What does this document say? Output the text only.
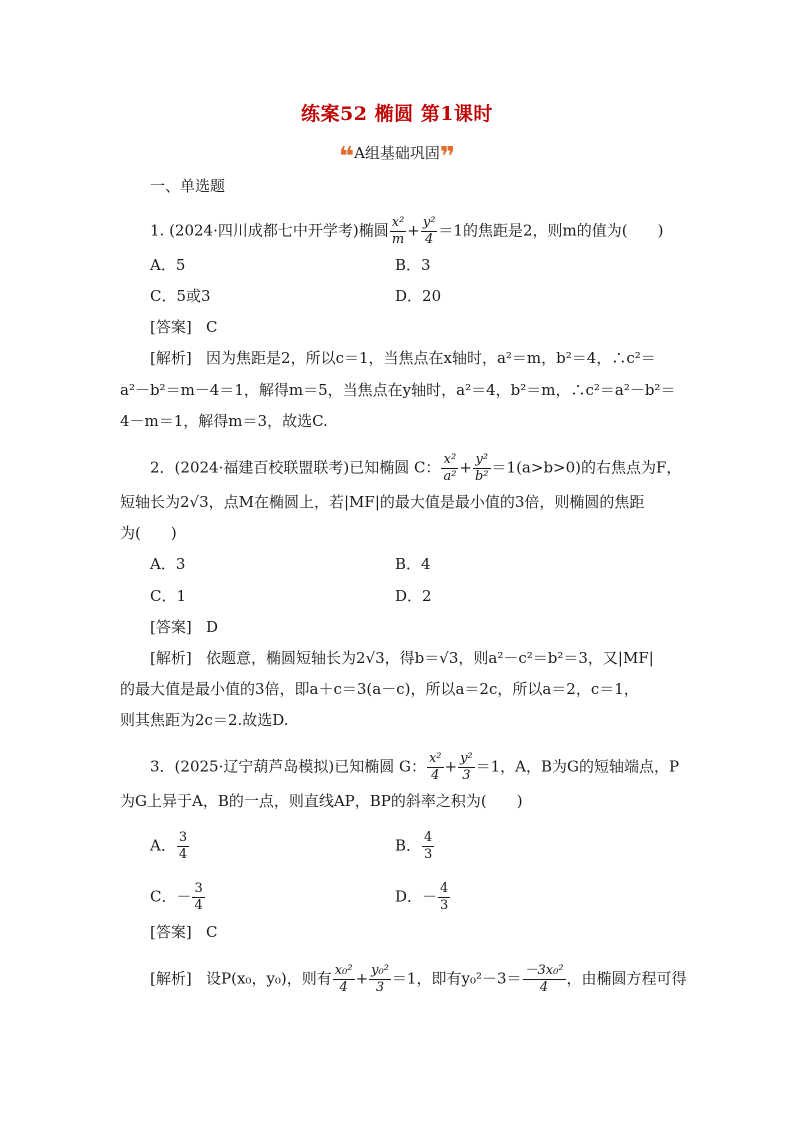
练案52 椭圆 第1课时
❝A组基础巩固❞
一、单选题
1. (2024·四川成都七中开学考)椭圆 $\frac{\text{x²}}{m} + \frac{\text{y²}}{4} =1$的焦距是2，则m的值为(　　)
A．5	B．3
C．5或3	D．20
[答案] C
[解析] 因为焦距是2，所以c＝1，当焦点在x轴时，a²＝m，b²＝4，∴c²＝
a²－b²＝m－4＝1，解得m＝5，当焦点在y轴时，a²＝4，b²＝m，∴c²＝a²－b²＝
4－m＝1，解得m＝3，故选C.
2．(2024·福建百校联盟联考)已知椭圆 C： $\frac{\text{x²}}{\text{a²}} + \frac{\text{y²}}{\text{b²}} =1(a>b>0)$的右焦点为F，
短轴长为2√3，点M在椭圆上，若|MF|的最大值是最小值的3倍，则椭圆的焦距
为(　　)
A．3	B．4
C．1	D．2
[答案] D
[解析] 依题意，椭圆短轴长为2√3，得b＝√3，则a²－c²＝b²＝3，又|MF|
的最大值是最小值的3倍，即a＋c＝3(a－c)，所以a＝2c，所以a＝2，c＝1，
则其焦距为2c＝2.故选D.
3．(2025·辽宁葫芦岛模拟)已知椭圆 G： $\frac{\text{x²}}{4} + \frac{\text{y²}}{3} =1$，A，B为G的短轴端点，P
为G上异于A，B的一点，则直线AP，BP的斜率之积为(　　)
A． $\frac{3}{4}$	B． $\frac{4}{3}$
C．－ $\frac{3}{4}$	D．－ $\frac{4}{3}$
[答案] C
[解析] 设P(x₀，y₀)，则有 $\frac{\text{x₀²}}{4} + \frac{\text{y₀²}}{3} =1$，即有$y_0^2-3= \frac{\text{－3x₀²}}{4}$ ，由椭圆方程可得
